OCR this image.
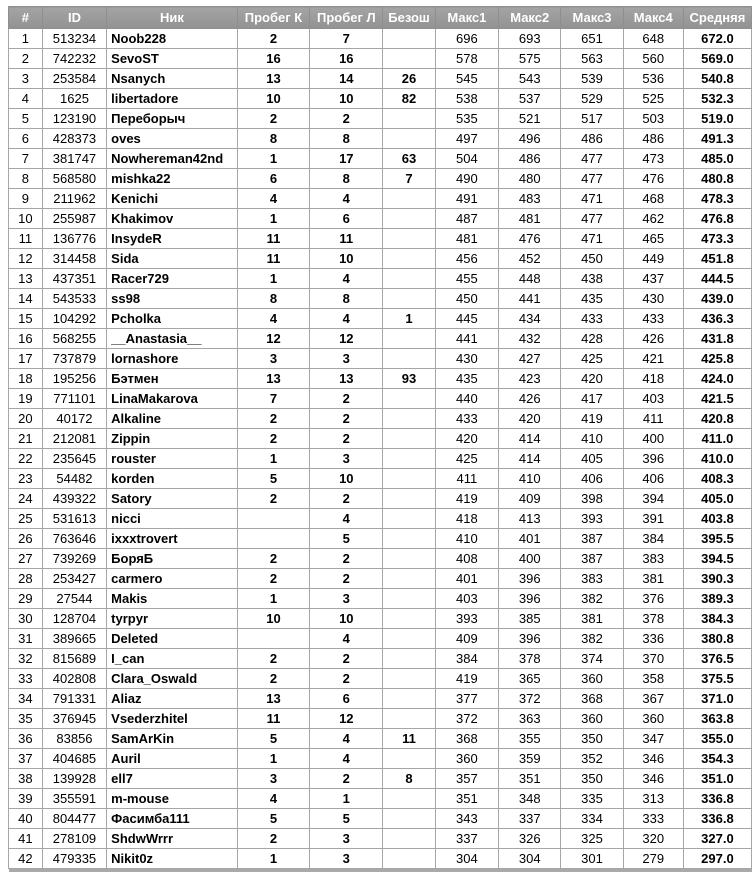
#	ID	Ник	Пробег К	Пробег Л	Безош	Макс1	Макс2	Макс3	Макс4	Средняя
1	513234	Noob228	2	7		696	693	651	648	672.0
2	742232	SevoST	16	16		578	575	563	560	569.0
3	253584	Nsanych	13	14	26	545	543	539	536	540.8
4	1625	libertadore	10	10	82	538	537	529	525	532.3
5	123190	Переборыч	2	2		535	521	517	503	519.0
6	428373	oves	8	8		497	496	486	486	491.3
7	381747	Nowhereman42nd	1	17	63	504	486	477	473	485.0
8	568580	mishka22	6	8	7	490	480	477	476	480.8
9	211962	Kenichi	4	4		491	483	471	468	478.3
10	255987	Khakimov	1	6		487	481	477	462	476.8
11	136776	InsydeR	11	11		481	476	471	465	473.3
12	314458	Sida	11	10		456	452	450	449	451.8
13	437351	Racer729	1	4		455	448	438	437	444.5
14	543533	ss98	8	8		450	441	435	430	439.0
15	104292	Pcholka	4	4	1	445	434	433	433	436.3
16	568255	__Anastasia__	12	12		441	432	428	426	431.8
17	737879	lornashore	3	3		430	427	425	421	425.8
18	195256	Бэтмен	13	13	93	435	423	420	418	424.0
19	771101	LinaMakarova	7	2		440	426	417	403	421.5
20	40172	Alkaline	2	2		433	420	419	411	420.8
21	212081	Zippin	2	2		420	414	410	400	411.0
22	235645	rouster	1	3		425	414	405	396	410.0
23	54482	korden	5	10		411	410	406	406	408.3
24	439322	Satory	2	2		419	409	398	394	405.0
25	531613	nicci		4		418	413	393	391	403.8
26	763646	ixxxtrovert		5		410	401	387	384	395.5
27	739269	БоряБ	2	2		408	400	387	383	394.5
28	253427	carmero	2	2		401	396	383	381	390.3
29	27544	Makis	1	3		403	396	382	376	389.3
30	128704	tyrpyr	10	10		393	385	381	378	384.3
31	389665	Deleted		4		409	396	382	336	380.8
32	815689	I_can	2	2		384	378	374	370	376.5
33	402808	Clara_Oswald	2	2		419	365	360	358	375.5
34	791331	Aliaz	13	6		377	372	368	367	371.0
35	376945	Vsederzhitel	11	12		372	363	360	360	363.8
36	83856	SamArKin	5	4	11	368	355	350	347	355.0
37	404685	Auril	1	4		360	359	352	346	354.3
38	139928	ell7	3	2	8	357	351	350	346	351.0
39	355591	m-mouse	4	1		351	348	335	313	336.8
40	804477	Фасимба111	5	5		343	337	334	333	336.8
41	278109	ShdwWrrr	2	3		337	326	325	320	327.0
42	479335	Nikit0z	1	3		304	304	301	279	297.0
